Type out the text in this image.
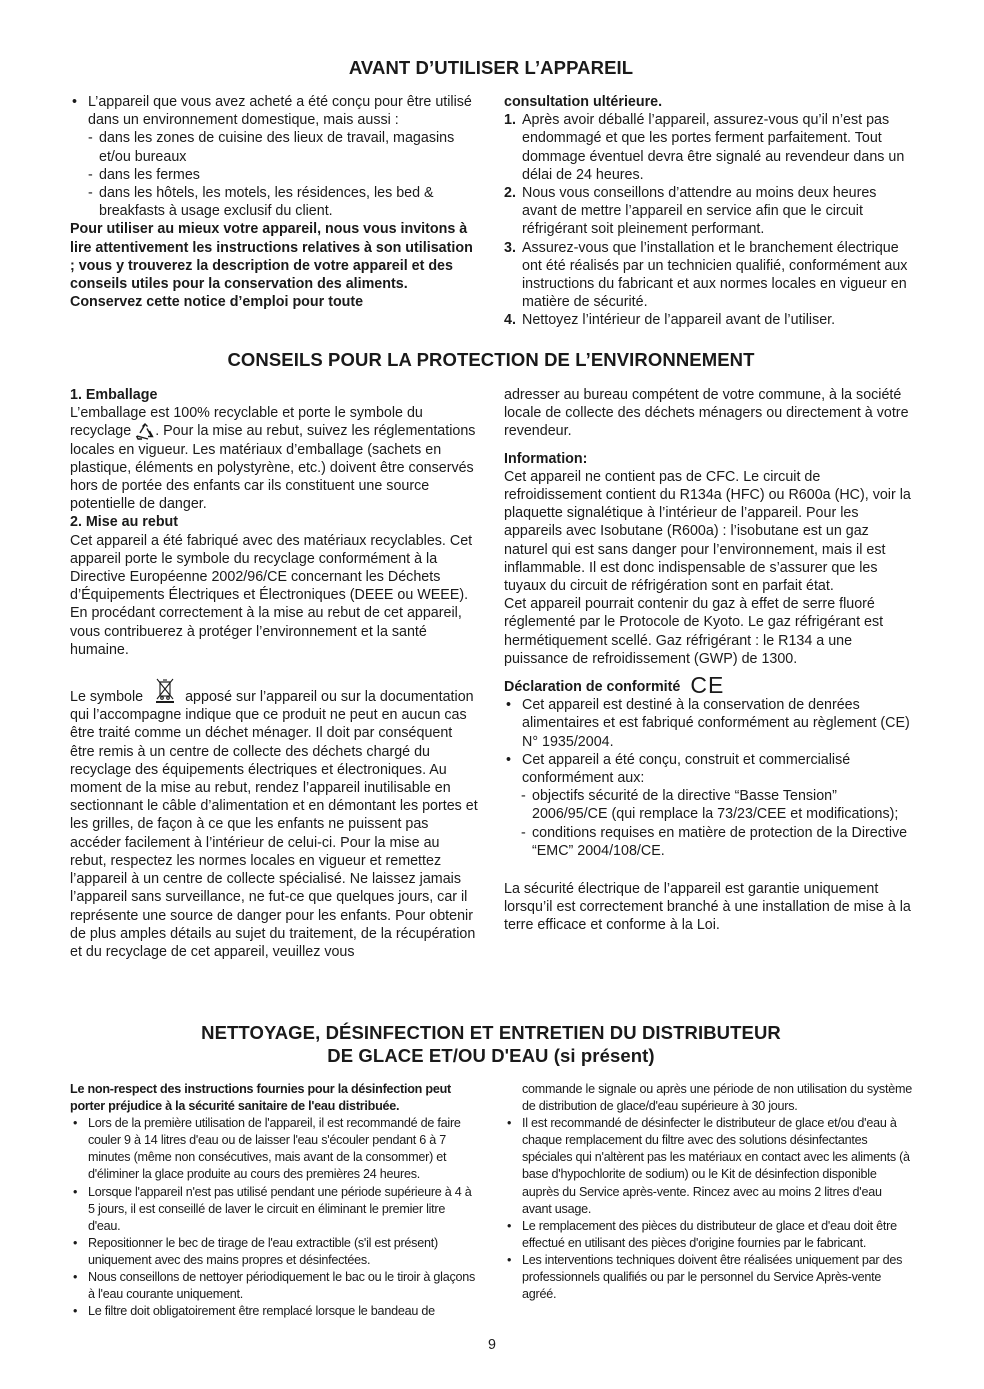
AVANT D’UTILISER L’APPAREIL

• L’appareil que vous avez acheté a été conçu pour être utilisé dans un environnement domestique, mais aussi :

- dans les zones de cuisine des lieux de travail, magasins et/ou bureaux

- dans les fermes

- dans les hôtels, les motels, les résidences, les bed & breakfasts à usage exclusif du client.

Pour utiliser au mieux votre appareil, nous vous invitons à lire attentivement les instructions relatives à son utilisation ; vous y trouverez la description de votre appareil et des conseils utiles pour la conservation des aliments.

Conservez cette notice d’emploi pour toute

consultation ultérieure.

1. Après avoir déballé l’appareil, assurez-vous qu’il n’est pas endommagé et que les portes ferment parfaitement. Tout dommage éventuel devra être signalé au revendeur dans un délai de 24 heures.

2. Nous vous conseillons d’attendre au moins deux heures avant de mettre l’appareil en service afin que le circuit réfrigérant soit pleinement performant.

3. Assurez-vous que l’installation et le branchement électrique ont été réalisés par un technicien qualifié, conformément aux instructions du fabricant et aux normes locales en vigueur en matière de sécurité.

4. Nettoyez l’intérieur de l’appareil avant de l’utiliser.

CONSEILS POUR LA PROTECTION DE L’ENVIRONNEMENT

1. Emballage

L’emballage est 100% recyclable et porte le symbole du recyclage . Pour la mise au rebut, suivez les réglementations locales en vigueur. Les matériaux d’emballage (sachets en plastique, éléments en polystyrène, etc.) doivent être conservés hors de portée des enfants car ils constituent une source potentielle de danger.

2. Mise au rebut

Cet appareil a été fabriqué avec des matériaux recyclables. Cet appareil porte le symbole du recyclage conformément à la Directive Européenne 2002/96/CE concernant les Déchets d’Équipements Électriques et Électroniques (DEEE ou WEEE). En procédant correctement à la mise au rebut de cet appareil, vous contribuerez à protéger l’environnement et la santé humaine.

Le symbole	apposé sur l’appareil ou sur la documentation qui l’accompagne indique que ce produit ne peut en aucun cas être traité comme un déchet ménager. Il doit par conséquent être remis à un centre de collecte des déchets chargé du recyclage des équipements électriques et électroniques. Au moment de la mise au rebut, rendez l’appareil inutilisable en sectionnant le câble d’alimentation et en démontant les portes et les grilles, de façon à ce que les enfants ne puissent pas accéder facilement à l’intérieur de celui-ci. Pour la mise au rebut, respectez les normes locales en vigueur et remettez l’appareil à un centre de collecte spécialisé. Ne laissez jamais l’appareil sans surveillance, ne fut-ce que quelques jours, car il représente une source de danger pour les enfants. Pour obtenir de plus amples détails au sujet du traitement, de la récupération et du recyclage de cet appareil, veuillez vous

adresser au bureau compétent de votre commune, à la société locale de collecte des déchets ménagers ou directement à votre revendeur.

Information:

Cet appareil ne contient pas de CFC. Le circuit de refroidissement contient du R134a (HFC) ou R600a (HC), voir la plaquette signalétique à l’intérieur de l’appareil. Pour les appareils avec Isobutane (R600a) : l’isobutane est un gaz naturel qui est sans danger pour l’environnement, mais il est inflammable. Il est donc indispensable de s’assurer que les tuyaux du circuit de réfrigération sont en parfait état.

Cet appareil pourrait contenir du gaz à effet de serre fluoré réglementé par le Protocole de Kyoto. Le gaz réfrigérant est hermétiquement scellé. Gaz réfrigérant : le R134 a une puissance de refroidissement (GWP) de 1300.

Déclaration de conformité CE

• Cet appareil est destiné à la conservation de denrées alimentaires et est fabriqué conformément au règlement (CE) N° 1935/2004.

• Cet appareil a été conçu, construit et commercialisé conformément aux:

- objectifs sécurité de la directive “Basse Tension” 2006/95/CE (qui remplace la 73/23/CEE et modifications);

- conditions requises en matière de protection de la Directive “EMC” 2004/108/CE.

La sécurité électrique de l’appareil est garantie uniquement lorsqu’il est correctement branché à une installation de mise à la terre efficace et conforme à la Loi.

NETTOYAGE, DÉSINFECTION ET ENTRETIEN DU DISTRIBUTEUR
DE GLACE ET/OU D'EAU (si présent)

Le non-respect des instructions fournies pour la désinfection peut porter préjudice à la sécurité sanitaire de l'eau distribuée.

• Lors de la première utilisation de l'appareil, il est recommandé de faire couler 9 à 14 litres d'eau ou de laisser l'eau s'écouler pendant 6 à 7 minutes (même non consécutives, mais avant de la consommer) et d'éliminer la glace produite au cours des premières 24 heures.

• Lorsque l'appareil n'est pas utilisé pendant une période supérieure à 4 à 5 jours, il est conseillé de laver le circuit en éliminant le premier litre d'eau.

• Repositionner le bec de tirage de l'eau extractible (s'il est présent) uniquement avec des mains propres et désinfectées.

• Nous conseillons de nettoyer périodiquement le bac ou le tiroir à glaçons à l'eau courante uniquement.

• Le filtre doit obligatoirement être remplacé lorsque le bandeau de

commande le signale ou après une période de non utilisation du système de distribution de glace/d'eau supérieure à 30 jours.

• Il est recommandé de désinfecter le distributeur de glace et/ou d'eau à chaque remplacement du filtre avec des solutions désinfectantes spéciales qui n'altèrent pas les matériaux en contact avec les aliments (à base d'hypochlorite de sodium) ou le Kit de désinfection disponible auprès du Service après-vente. Rincez avec au moins 2 litres d'eau avant usage.

• Le remplacement des pièces du distributeur de glace et d'eau doit être effectué en utilisant des pièces d'origine fournies par le fabricant.

• Les interventions techniques doivent être réalisées uniquement par des professionnels qualifiés ou par le personnel du Service Après-vente agréé.

9
